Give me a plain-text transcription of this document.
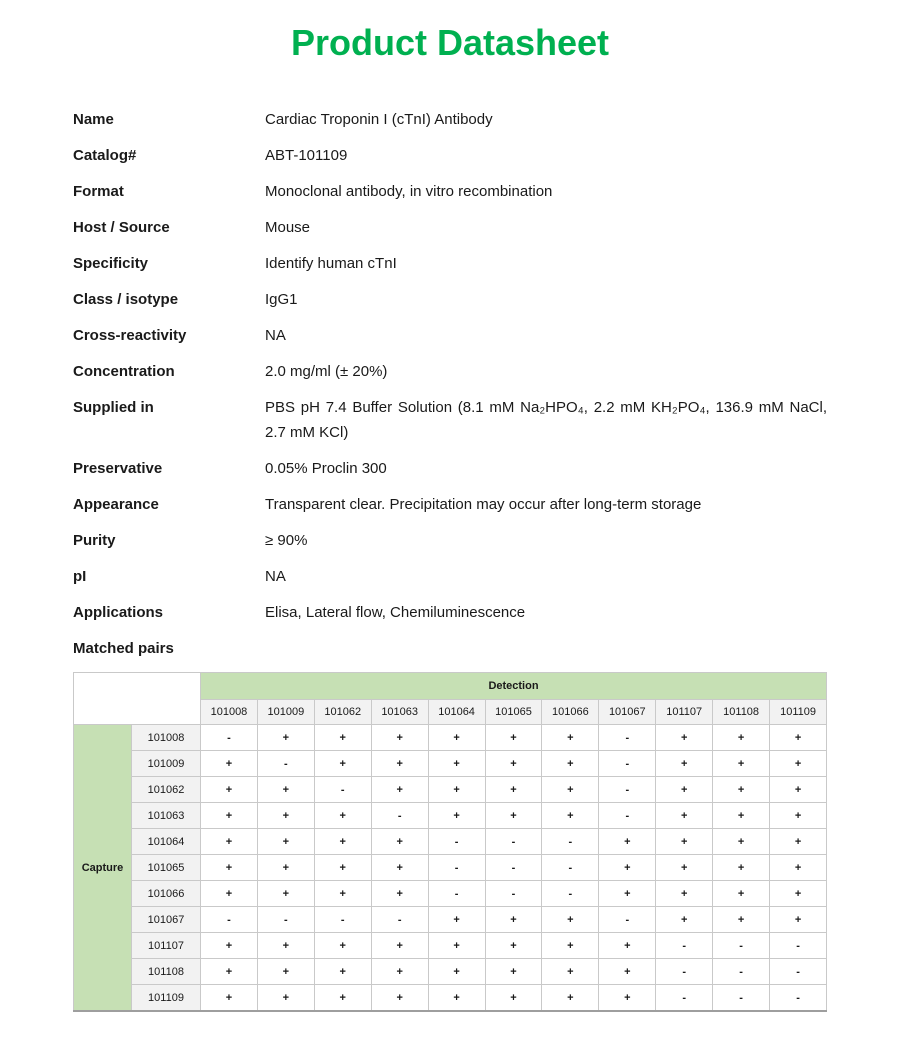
Product Datasheet
Name	Cardiac Troponin I (cTnI) Antibody
Catalog#	ABT-101109
Format	Monoclonal antibody, in vitro recombination
Host / Source	Mouse
Specificity	Identify human cTnI
Class / isotype	IgG1
Cross-reactivity	NA
Concentration	2.0 mg/ml (± 20%)
Supplied in	PBS pH 7.4 Buffer Solution (8.1 mM Na₂HPO₄, 2.2 mM KH₂PO₄, 136.9 mM NaCl, 2.7 mM KCl)
Preservative	0.05% Proclin 300
Appearance	Transparent clear. Precipitation may occur after long-term storage
Purity	≥ 90%
pI	NA
Applications	Elisa, Lateral flow, Chemiluminescence
Matched pairs
		Detection										
		101008	101009	101062	101063	101064	101065	101066	101067	101107	101108	101109
Capture	101008	-	+	+	+	+	+	+	-	+	+	+
	101009	+	-	+	+	+	+	+	-	+	+	+
	101062	+	+	-	+	+	+	+	-	+	+	+
	101063	+	+	+	-	+	+	+	-	+	+	+
	101064	+	+	+	+	-	-	-	+	+	+	+
	101065	+	+	+	+	-	-	-	+	+	+	+
	101066	+	+	+	+	-	-	-	+	+	+	+
	101067	-	-	-	-	+	+	+	-	+	+	+
	101107	+	+	+	+	+	+	+	+	-	-	-
	101108	+	+	+	+	+	+	+	+	-	-	-
	101109	+	+	+	+	+	+	+	+	-	-	-
